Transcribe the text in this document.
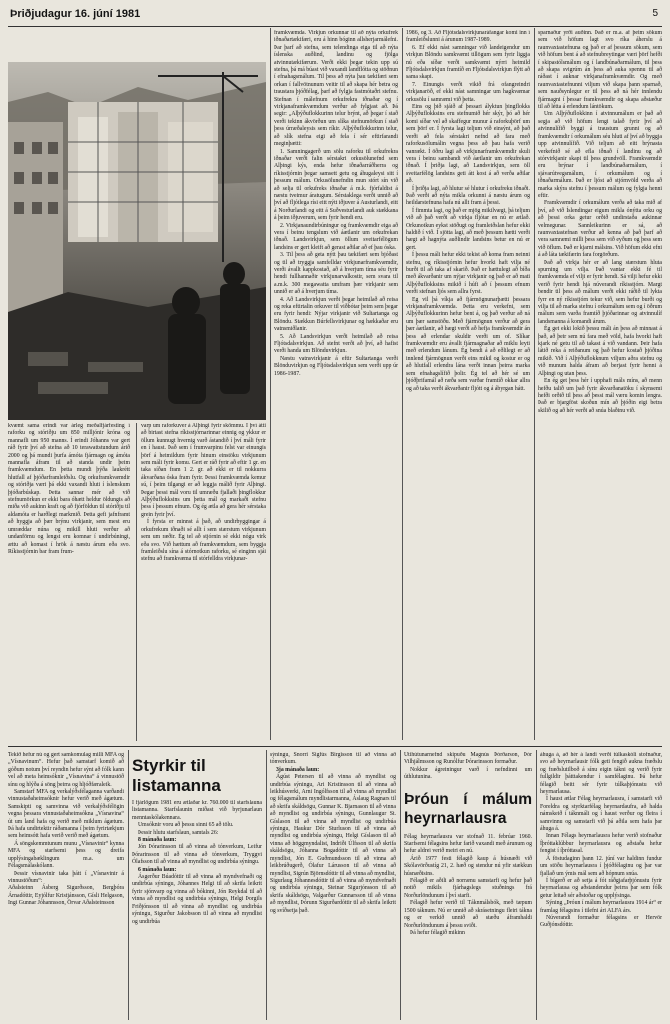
Þriðjudagur 16. júní 1981	5

kvæmt sama erindi var árleg meðalfjárfesting í raforku og stóriðju um 850 milljónir króna og mannafli um 950 manns. Í erindi Jóhanns var gert ráð fyrir því að stefna að 10 terawattstundum árið 2000 og þá mundi þurfa ámóta fjármagn og ámóta mannafla áfram til að standa undir þeim framkvæmdum. En þetta mundi þýða laukrétt hlutfall af þjóðarframleiðslu. Og orkuframkvæmdir og stóriðja væri þá ekki vaxandi hluti í íslenskum þjóðarbúskap. Þetta sannar mér að við stefnumörkun er ekki bara óhætt heldur öldungis að miða við aukinn kraft og að fjórföldun til stóriðju til aldamóta er harðlegt markmið. Þetta gefi jafnframt að hyggja að þær brýnu virkjanir, sem mest eru umræddar núna og mikill hluti verður að undanförnu og lengst eru komnar í undirbúningi, ættu að komast í hrök á næstu árum eða svo. Ríkisstjórnin bar fram frum-

varp um raforkuver á Alþingi fyrir skömmu. Í því átti að birtast stefna ríkisstjórnarinnar einnig og ykkur er öllum kunnugt hvernig varð ástandið í því máli fyrir en í haust. Það sem í frumvarpinu felst var einungis þörf á heimildum fyrir hinum einstöku virkjunum sem máli fyrir komu. Gert er ráð fyrir að eftir 1 gr. en taka síðan fram 1 2. gr. að ekki er til nokkurra ákvarðana óska fram fyrir. Þessi framkvæmda kemur sú, í þeim tilgangi er að leggja málið fyrir Alþingi. Þegar þessi mál voru til umræðu fjallaði þingflokkur Alþýðuflokksins um þetta mál og markaði stefnu þess í þessum efnum. Og ég ætla að gera hér sérstaka grein fyrir því.

Í fyrsta er minnst á það, að undirbyggingar á orkufrekum iðnaði sé allt í sem stærstum virkjunum sem um ræðir. Ég tel að stjórnin sé ekki nógu virk eða svo. Við hættum að framkvæmdum, sem byggja framleiðslu sína á stórnotkun raforku, sé einginn sjái stefnu að framkvæma til stórfelldra virkjunar-

framkvæmda. Virkjun orkunnar til að nýta orkufrek iðnaðartækifæri, eru á hinn bóginn allsherjarmálefni. Þar þarf að stefna, sem telendinga eiga til að nýta íslenska auðlind, landinu og fjölga atvinnutækifærum. Verði ekki þegar tekin upp sú stefna, þá má búast við vaxandi landflótta og stöðnun í efnahagsmálum. Til þess að nýta þau tækifæri sem orkan í fallvötnunum veitir til að skapa hér betra og traustara þjóðfélag, þarf að fylgja fastmótaðri stefnu. Stefnan í málefnum orkufrekra iðnaðar og í virkjanaframkvæmdum verður að fylgjast að. Þá segir: „Alþýðuflokkurinn telur brýnt, að þegar í stað verði tekinn ákvörðun um slíka stefnumörkun í stað þess úrræðaleysis sem ríkir. Alþýðuflokkurinn telur, að slík stefna eigi að fela í sér eftirfarandi meginþætti:

1. Samningagerð um sölu raforku til orkufrekra iðnaðar verði falin sérstakri orkusölunefnd sem Alþingi kýs, enda hefur iðnaðarráðherra og ríkisstjórnin þegar samsett getu og áhugaleysi sitt í þessum málum. Orkusölunefndin mun stórt sín við að selja til orkufreks iðnaðar á m.k. fjórfaldist á næstu tveimur áratugum. Sérstaklega verði unnið að því að fljótlega rísi eitt nýtt iðjuver á Austurlandi, eitt á Norðurlandi og eitt á Suðvesturlandi auk stækkana á þeim iðjuverum, sem fyrir hendi eru.

2. Virkjanaundirbúningur og framkvæmdir eiga að vera í beinu tengslum við áætlanir um orkufrekan iðnað. Landsvirkjun, sem öllum sveitarfélögum landsins er gert kleift að gerast aðilar að ef þau óska.

3. Til þess að geta nýtt þau tækifæri sem bjóðast og til að tryggja samfelldar virkjunarframkvæmdir, verði ávallt kappkostað, að á hverjum tíma séu fyrir hendi fullhannaðir virkjunarvalkostir, sem svara til a.m.k. 300 megawatta umfram þær virkjanir sem unnið er að á hverjum tíma.

4. Að Landsvirkjun verði þegar heimilað að reisa og reka eftirtalin orkuver til viðbótar þeim sem þegar eru fyrir hendi: Nýjar virkjanir við Sultartanga og Blöndu. Stækkun Búrfellsvirkjunar og hækkaðar eru vatnsmiðlanir.

5. Að Landsvirkjun verði heimilað að reisa Fljótsdalsvirkjun. Að stefnt verði að því, að hafist verði handa um Blönduvirkjun.

Næstu vatnsvirkjanir á eftir Sultartanga verði Blönduvirkjun og Fljótsdalsvirkjun sem verði upp úr 1986-1987.

1986, og 3. Að Fljótsdalsvirkjunaráfangar komi inn í framleiðslunni á árunum 1987-1989.

6. Ef ekki nást samningar við landeigendur um virkjun Blöndu samkvæmt tillögum sem fyrir liggja nú eða síðar verði samkvæmt nýrri heimild Fljótsdalsvirkjun framtíð en Fljótsdalsvirkjun flýtt að sama skapi.

7. Einungis verði vikið frá ofangreindri virkjanaröð, ef ekki nást samningar um hagkvæmar orkusölu í samræmi við þetta.

Eins og þið sjáið af þessari ályktun þingflokks Alþýðuflokksins eru stefnumið hér skýr, þó að hér komi síðar vel að skaffegur munur á raforkuþörf um sem þörf er. Í fyrsta lagi teljum við einsýnt, að það verði að fela sérstakri nefnd að fara með raforkusölumálin vegna þess að þau hafa verið vanrækt. Í öðru lagi að virkjunarframkvæmdir skuli vera í beinu sambandi við áætlanir um orkufrekan iðnað. Í þriðja lagi, að Landsvirkjun, sem öll sveitarfélög landsins geti átt kost á að verða aðilar að.

Í þriðja lagi, að hlutur sé hlutur í orkufreku iðnaði. Það verði að nýta mikla orkunni á næstu árum og heildarstefnuna hafa nú allt fram á þessi.

Í fimmta lagi, og það er mjög mikilvægt, þá teljum við að það verði að virkja fljótar en nú er ætlað. Orkunotkun eykst stöðugt og framleiðslan hefur ekki haldið í við. Í sjötta lagi, að með þessum hætti verði hægt að hagnýta auðlindir landsins betur en nú er gert.

Í þessu máli hefur ekki tekist að koma fram neinni stefnu, og ríkisstjórnin hefur hvorki haft vilja né burði til að taka af skarið. Það er hættulegt að bíða með ákvarðanir um nýjar virkjanir og það er að mati Alþýðuflokksins mikið í húfi að í þessum efnum verði stefnan ljós sem allra fyrst.

Eg vil þá víkja að fjármögnunarþætti þessara virkjanaframkvæmda. Þetta eru verkefni, sem Alþýðuflokkurinn hefur bent á, og það verður að ná um þær samstöðu. Með fjármögnun verður að gera þær áætlanir, að hægt verði að hefja framkvæmdir án þess að erlendar skuldir verði um of. Slíkar framkvæmdir eru ávallt fjármagnaðar að miklu leyti með erlendum lánum. Ég bendi á að eðlilegt er að innlend fjármögnun verði eins mikil og kostur er og að hlutfall erlendra lána verði innan þeirra marka sem efnahagslífið þolir. Ég tel að hér sé um þjóðþrifamál að ræða sem varðar framtíð okkar allra og að taka verði ákvarðanir fljótt og á ábyrgan hátt.

sparnaður yrði auðinn. Það er m.a. af þeim sökum sem við höfum lagt svo ríka áherslu á raunvaxtastefnuna og það er af þessum sökum, sem við höfum bent á að stefnubreytingar væri þörf hefði í skipastólsmálum og í landbúnaðarmálum, til þess að skapa svigrúm án þess að auka spennu til að ráðast í auknar virkjanaframkvæmdir. Og með raunvaxtastefnunni viljum við skapa þann sparnað, sem nauðsynlegur er til þess að ná hér innlendu fjármagni í þessar framkvæmdir og skapa aðstæður til að létta á erlendum lántökum.

Um Alþýðuflokkinn í atvinnumálum er það að segja að við höfum lengi talað fyrir því að atvinnulífið byggi á traustum grunni og að framkvæmdir í orkumálum séu hluti af því að byggja upp atvinnulífið. Við teljum að eitt brýnasta verkefnið sé að efla iðnað í landinu og að stórvirkjanir skapi til þess grundvöll. Framkvæmdir eru brýnar í landbúnaðarmálum, í sjávarútvegsmálum, í orkumálum og í iðnaðarmálum. Það er ljóst að stjórnvöld verða að marka skýra stefnu í þessum málum og fylgja henni eftir.

Framkvæmdir í orkumálum verða að taka mið af því, að við Íslendingar eigum mikla ónýtta orku og að þessi orka getur orðið undirstaða aukinnar velmegunar. Sannleikurinn er sá, að raunvaxtastefnan verður að kenna að það þarf að vera samræmi milli þess sem við eyðum og þess sem við öflum. Það er kjarni málsins. Við höfum ekki efni á að láta tækifærin fara forgörðum.

Það að virkja hér er að lang stærstum hluta spurning um vilja. Það vantar ekki fé til framkvæmda ef vilji er fyrir hendi. Sá vilji hefur ekki verið fyrir hendi hjá núverandi ríkisstjórn. Margt bendir til þess að málum verði ekki ráðið til lykta fyrr en ný ríkisstjórn tekur við, sem hefur burði og vilja til að marka stefnu í orkumálum sem og í öðrum málum sem varða framtíð þjóðarinnar og atvinnulíf landsmanna á komandi árum.

Ég get ekki lokið þessu máli án þess að minnast á það, að þeir sem nú fara með völd, hafa hvorki haft kjark né getu til að takast á við vandann. Þeir hafa látið reka á reiðanum og það hefur kostað þjóðina mikið. Við í Alþýðuflokknum viljum aðra stefnu og við munum halda áfram að berjast fyrir henni á Alþingi og utan þess.

En ég get þess hér í upphafi máls míns, að menn hefðu talið um það fyrir ákvarðanatöku í skynsemi hefði orðið til þess að þessi mál væru komin lengra. Það er bjargföst skoðun mín að þjóðin eigi betra skilið og að hér verði að snúa blaðinu við.

Tekið hefur nú og gert samkomulag milli MFA og „Vísnavinum“. Hefur það samstarf komið að góðum notum því reyndin hefur sýnt að fólk kann vel að meta heimsóknir „Vísnavina“ á vinnustöð sínu og hlýða á söng þeirra og hljóðfæraleik.

Samstarf MFA og verkalýðsfélaganna varðandi vinnustaðaheimsóknir hefur verið með ágætum. Samskipti og samvinna við verkalýðsfélögin vegna þessara vinnustaðaheimsókna „Vísnavina“ út um land hafa og verið með miklum ágætum. Þá hafa undirtektir ráðamanna í þeim fyrirtækjum sem heimsótt hafa verið verið með ágætum.

Á söngskemmtunum munu „Vísnavinir“ kynna MFA og starfsemi þess og dreifa upplýsingabæklingum m.a. um Félagsmálaskólann.

Þessir vísnavinir taka þátt í „Vísnavinir á vinnustöðum“:

Aðalsteinn Ásberg Sigurðsson, Bergþóra Árnadóttir, Eyjólfur Kristjánsson, Gísli Helgason, Ingi Gunnar Jóhannsson, Örvar Aðalsteinsson

Styrkir til listamanna

Í fjárlögum 1981 eru ætlaðar kr. 760.000 til starfslauna listamanna. Starfslaunin miðast við byrjunarlaun menntaskólakennara.

Umsóknir voru að þessu sinni 65 að tölu.

Þessir hlutu starfslaun, samtals 26:

8 mánaða laun:

Jón Þórarinsson til að vinna að tónverkum, Leifur Þórarinsson til að vinna að tónverkum, Tryggvi Ólafsson til að vinna að myndlist og undirbúa sýningu.

6 mánaða laun:

Ásgerður Búadóttir til að vinna að myndvefnaði og undirbúa sýningu, Jóhannes Helgi til að skrifa leikrit fyrir sjónvarp og vinna að bókinni, Jón Reykdal til að vinna að myndlist og undirbúa sýningu, Helgi Þorgils Friðjónsson til að vinna að myndlist og undirbúa sýningu, Sigurður Jakobsson til að vinna að myndlist og undirbúa

sýningu, Snorri Sigfús Birgisson til að vinna að tónverkum.

3ja mánaða laun:

Ágúst Petersen til að vinna að myndlist og undirbúa sýningu, Ari Kristinsson til að vinna að leikhúsverki, Arni Ingólfsson til að vinna að myndlist og félagsmálum myndlistarmanna, Áslaug Ragnars til að skrifa skáldsögu, Gunnar K. Bjarnason til að vinna að myndlist og undirbúa sýningu, Gunnlaugur St. Gíslason til að vinna að myndlist og undirbúa sýningu, Haukur Dór Sturluson til að vinna að myndlist og undirbúa sýningu, Helgi Gíslason til að vinna að höggmyndalist, Indriði Úlfsson til að skrifa skáldsögu, Jóhanna Bogadóttir til að vinna að myndlist, Jón E. Guðmundsson til að vinna að leikbrúðugerð, Ólafur Lárusson til að vinna að myndlist, Sigrún Björnsdóttir til að vinna að myndlist, Sigurlaug Jóhannesdóttir til að vinna að myndvefnaði og undirbúa sýningu, Steinar Sigurjónsson til að skrifa skáldsögu, Valgarður Gunnarsson til að vinna að myndlist, Þórunn Sigurðardóttir til að skrifa leikrit og svíðsetja það.

Útihútunarnefnd skipuðu Magnús Þórðarson, Þór Vilhjálmsson og Runólfur Þórarinsson formaður.

Nokkur ágreiningur varð í nefndinni um úthlutunina.

Þróun í málum heyrnarlausra

Félag heyrnarlausra var stofnað 11. febrúar 1960. Starfsemi félagsins hefur farið vaxandi með árunum og hefur aldrei verið meiri en nú.

Árið 1977 festi félagið kaup á húsnæði við Skólavörðustíg 21, 2. hæð og stendur nú yfir stækkun húsnæðisins.

Félagið er aðili að norrænu samstarfi og hefur það notið mikils fjárhagslegs stuðnings frá Norðurlöndunum í því starfi.

Félagið hefur verið til Táknmálsbók, með tæpum 1500 táknum. Nú er unnið að skrásetningu fleiri tákna og er verkið unnið að stæðu áframhaldi Norðurlöndunum á þessu sviði.

Þá hefur félagið mikinn

áhuga á, að hér á landi verði túlkaskóli stofnaður, svo að heyrnarlausir fólk geti fengið aukna fræðslu og fræðslutilboð á sínu eigin tákni og verið fyrir fullgildir þátttakendur í samfélaginu. Þá hefur félagið beitt sér fyrir túlkaþjónustu við heyrnarlausa.

Í haust ætlar Félag heyrnarlausra, í samstarfi við Foreldra og styrktarfélag heyrnardaufra, að halda námskeið í táknmáli og í haust verður og fleira í samvinnu og samstarfi við þá aðila sem hafa þar áhuga á.

Innan Félags heyrnarlausra hefur verið stofnaður Íþróttaklúbbur heyrnarlausra og aðstaða hefur fengist í íþróttasal.

Á föstudaginn þann 12. júní var haldinn fundur um stöðu heyrnarlausra í þjóðfélaginu og þar var fjallað um ýmis mál sem að hópnum snúa.

Í bígerð er að setja á fót ráðgjafarþjónustu fyrir heyrnarlausa og aðstandendur þeirra þar sem fólk getur leitað sér aðstoðar og upplýsinga.

Sýning „Þróun í málum heyrnarlausra 1914 ár“ er framlag félagsins í tilefni ári ALFA árs.

Núverandi formaður félagsins er Hervör Guðjónsdóttir.
